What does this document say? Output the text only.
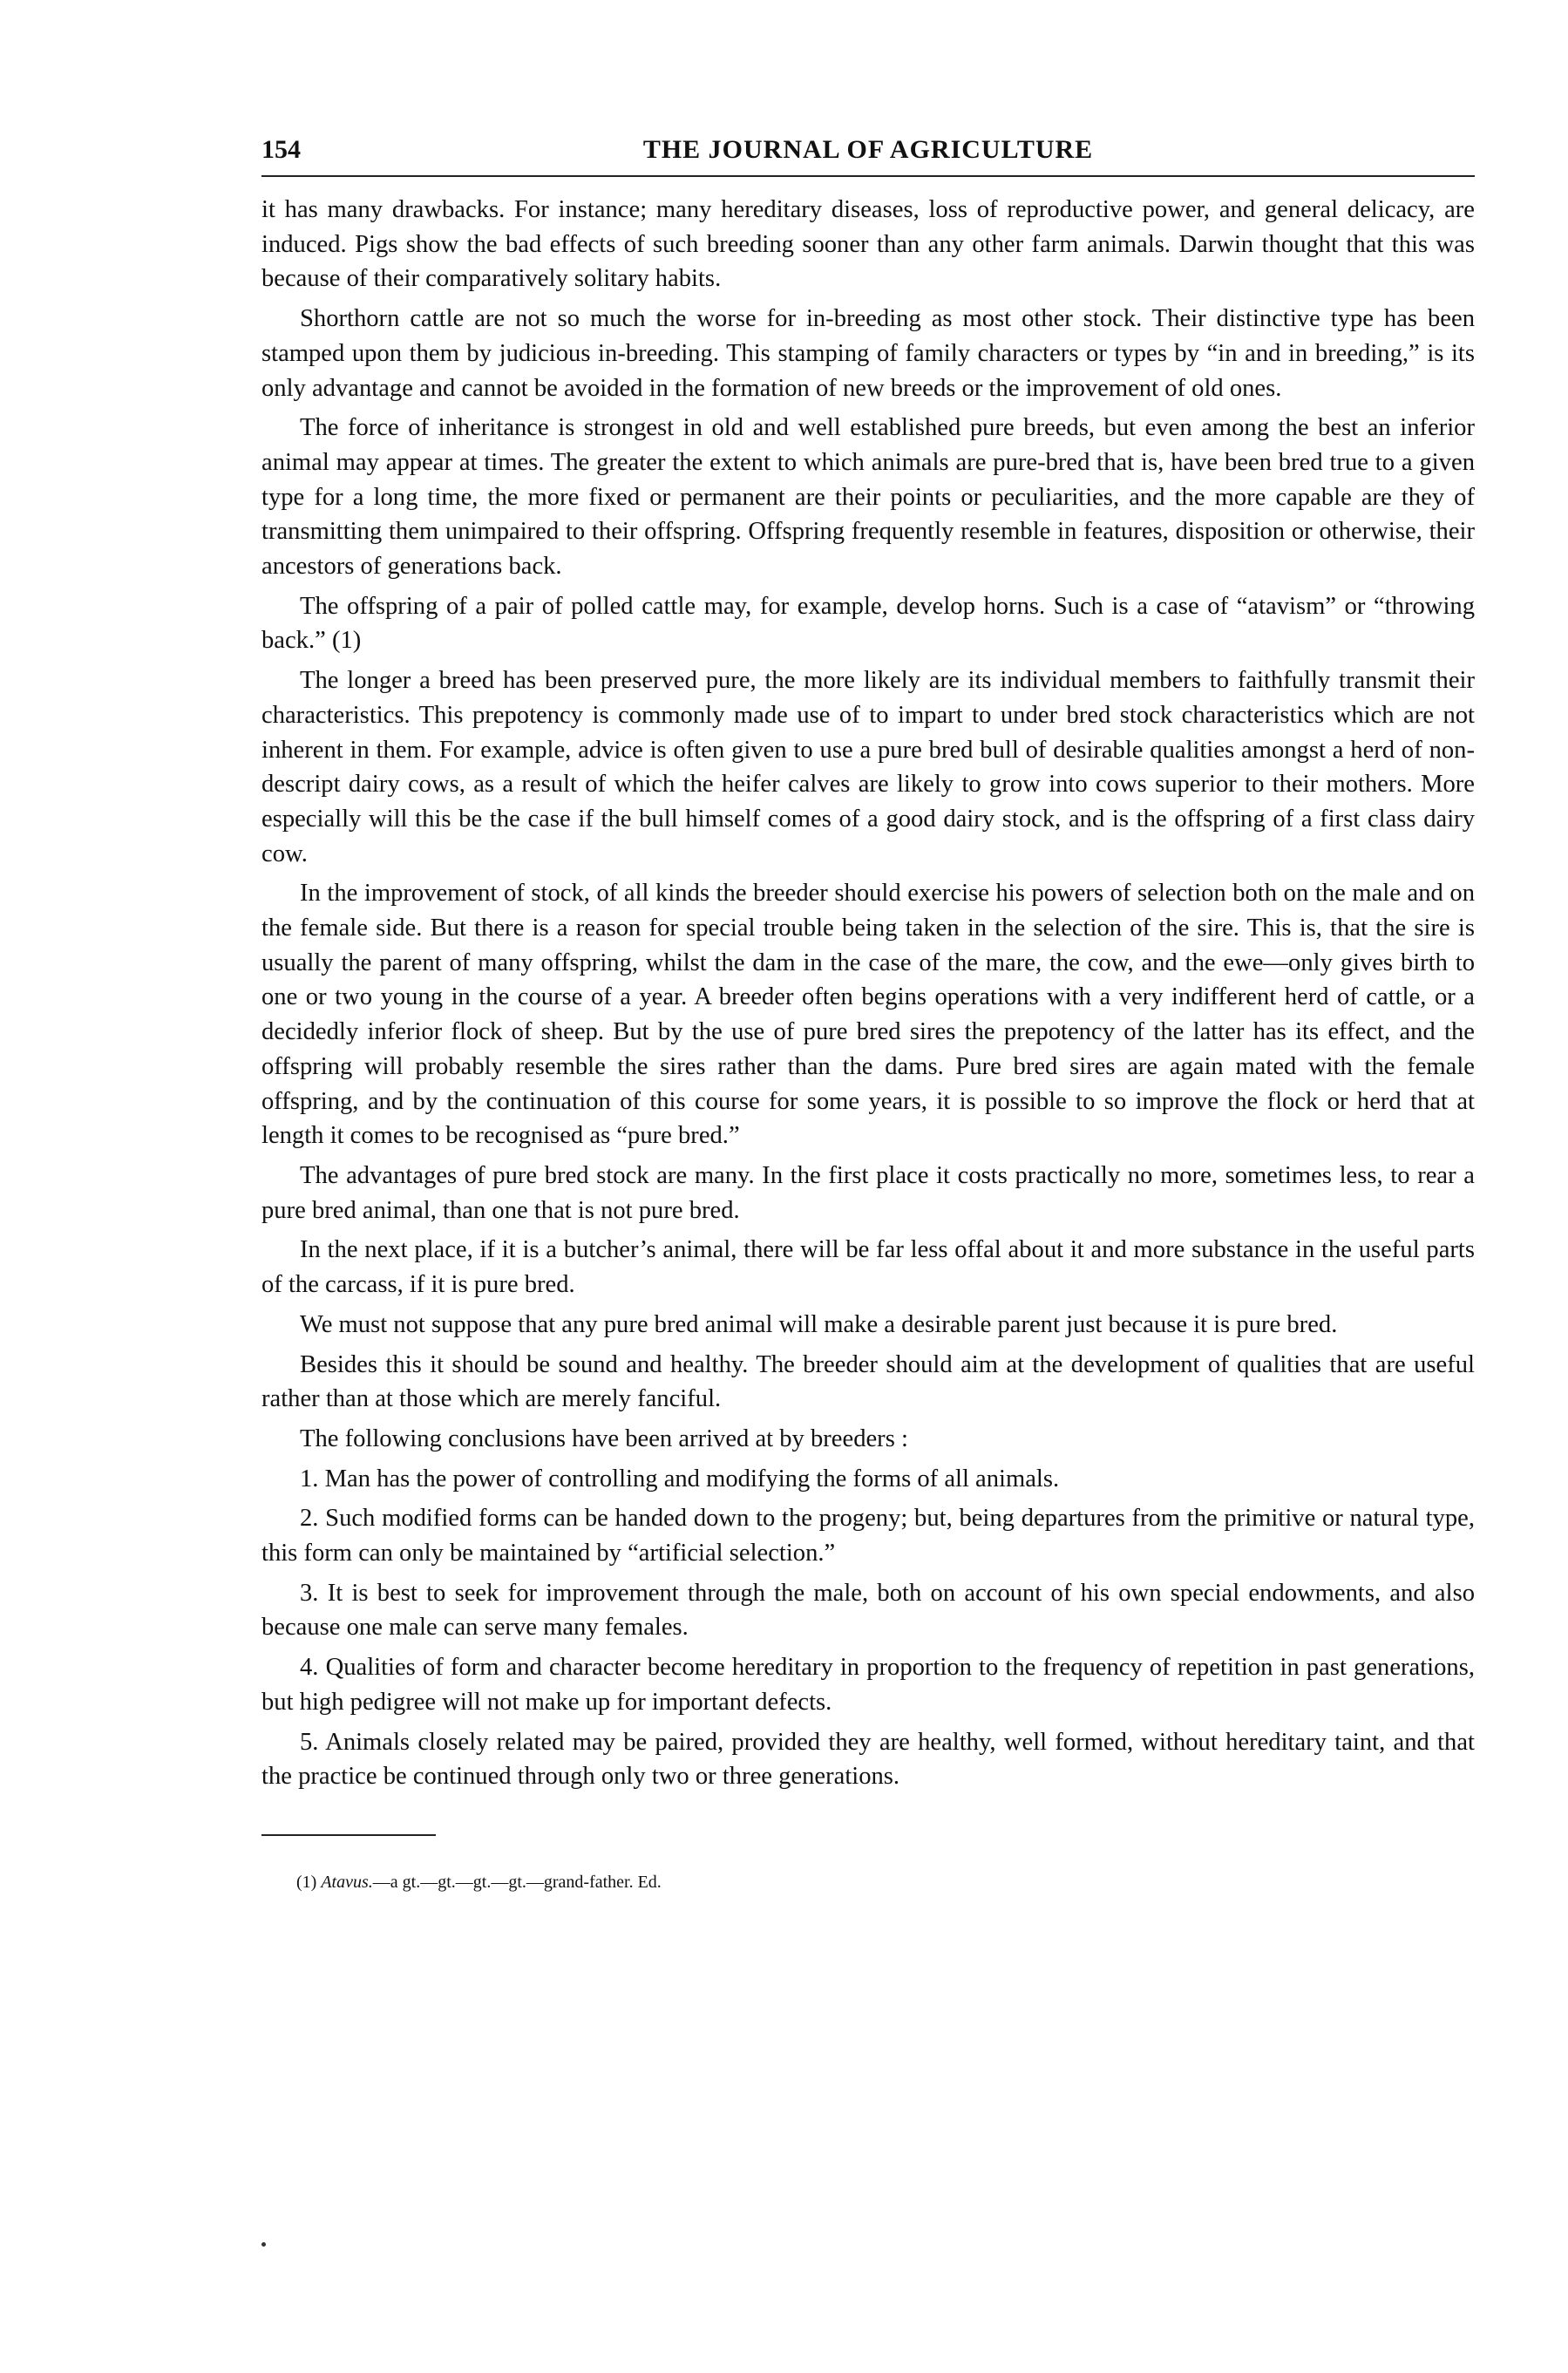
154	THE JOURNAL OF AGRICULTURE

it has many drawbacks. For instance; many hereditary diseases, loss of reproductive power, and general delicacy, are induced. Pigs show the bad effects of such breeding sooner than any other farm animals. Darwin thought that this was because of their comparatively solitary habits.

Shorthorn cattle are not so much the worse for in-breeding as most other stock. Their distinctive type has been stamped upon them by judicious in-breeding. This stamping of family characters or types by “in and in breeding,” is its only advantage and cannot be avoided in the formation of new breeds or the improvement of old ones.

The force of inheritance is strongest in old and well established pure breeds, but even among the best an inferior animal may appear at times. The greater the extent to which animals are pure-bred that is, have been bred true to a given type for a long time, the more fixed or permanent are their points or peculiarities, and the more capable are they of transmitting them unimpaired to their offspring. Offspring frequently resemble in features, disposition or otherwise, their ancestors of generations back.

The offspring of a pair of polled cattle may, for example, develop horns. Such is a case of “atavism” or “throwing back.” (1)

The longer a breed has been preserved pure, the more likely are its individual members to faithfully transmit their characteristics. This prepotency is commonly made use of to impart to under bred stock characteristics which are not inherent in them. For example, advice is often given to use a pure bred bull of desirable qualities amongst a herd of non-descript dairy cows, as a result of which the heifer calves are likely to grow into cows superior to their mothers. More especially will this be the case if the bull himself comes of a good dairy stock, and is the offspring of a first class dairy cow.

In the improvement of stock, of all kinds the breeder should exercise his powers of selection both on the male and on the female side. But there is a reason for special trouble being taken in the selection of the sire. This is, that the sire is usually the parent of many offspring, whilst the dam in the case of the mare, the cow, and the ewe—only gives birth to one or two young in the course of a year. A breeder often begins operations with a very indifferent herd of cattle, or a decidedly inferior flock of sheep. But by the use of pure bred sires the prepotency of the latter has its effect, and the offspring will probably resemble the sires rather than the dams. Pure bred sires are again mated with the female offspring, and by the continuation of this course for some years, it is possible to so improve the flock or herd that at length it comes to be recognised as “pure bred.”

The advantages of pure bred stock are many. In the first place it costs practically no more, sometimes less, to rear a pure bred animal, than one that is not pure bred.

In the next place, if it is a butcher’s animal, there will be far less offal about it and more substance in the useful parts of the carcass, if it is pure bred.

We must not suppose that any pure bred animal will make a desirable parent just because it is pure bred.

Besides this it should be sound and healthy. The breeder should aim at the development of qualities that are useful rather than at those which are merely fanciful.

The following conclusions have been arrived at by breeders :

1. Man has the power of controlling and modifying the forms of all animals.

2. Such modified forms can be handed down to the progeny; but, being departures from the primitive or natural type, this form can only be maintained by “artificial selection.”

3. It is best to seek for improvement through the male, both on account of his own special endowments, and also because one male can serve many females.

4. Qualities of form and character become hereditary in proportion to the frequency of repetition in past generations, but high pedigree will not make up for important defects.

5. Animals closely related may be paired, provided they are healthy, well formed, without hereditary taint, and that the practice be continued through only two or three generations.

(1) Atavus.—a gt.—gt.—gt.—gt.—grand-father. Ed.
